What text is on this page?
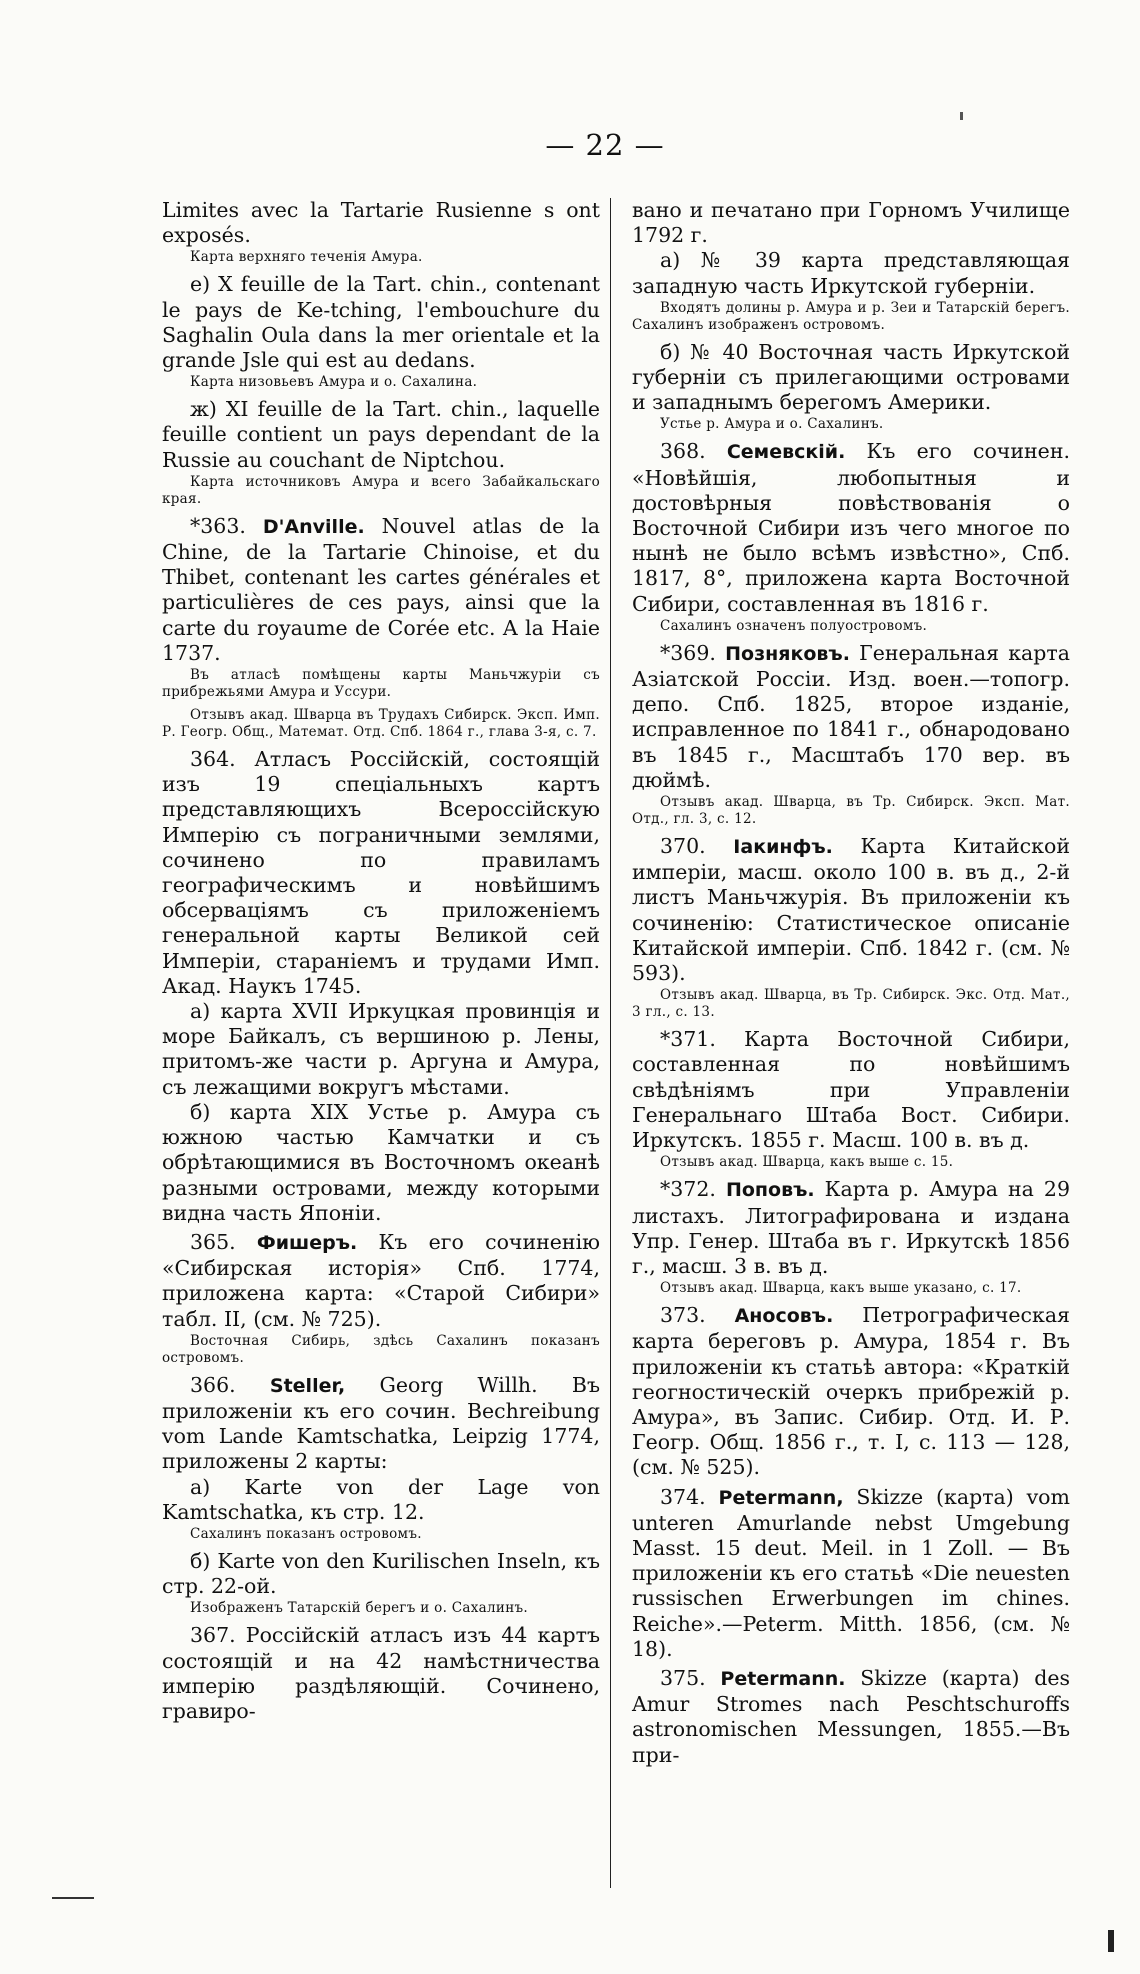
— 22 —

Limites avec la Tartarie Rusienne s ont exposés.

Карта верхняго теченія Амура.

e) X feuille de la Tart. chin., contenant le pays de Ke-tching, l'embouchure du Saghalin Oula dans la mer orientale et la grande Jsle qui est au dedans.

Карта низовьевъ Амура и о. Сахалина.

ж) XI feuille de la Tart. chin., laquelle feuille contient un pays dependant de la Russie au couchant de Niptchou.

Карта источниковъ Амура и всего Забайкальскаго края.

*363. D'Anville. Nouvel atlas de la Chine, de la Tartarie Chinoise, et du Thibet, contenant les cartes générales et particulières de ces pays, ainsi que la carte du royaume de Corée etc. A la Haie 1737.

Въ атласѣ помѣщены карты Маньчжуріи съ прибрежьями Амура и Уссури.

Отзывъ акад. Шварца въ Трудахъ Сибирск. Эксп. Имп. Р. Геогр. Общ., Математ. Отд. Спб. 1864 г., глава 3-я, с. 7.

364. Атласъ Россійскій, состоящій изъ 19 спеціальныхъ картъ представляющихъ Всероссійскую Имперію съ пограничными землями, сочинено по правиламъ географическимъ и новѣйшимъ обсерваціямъ съ приложеніемъ генеральной карты Великой сей Имперіи, стараніемъ и трудами Имп. Акад. Наукъ 1745.

а) карта XVII Иркуцкая провинція и море Байкалъ, съ вершиною р. Лены, притомъ-же части р. Аргуна и Амура, съ лежащими вокругъ мѣстами.

б) карта XIX Устье р. Амура съ южною частью Камчатки и съ обрѣтающимися въ Восточномъ океанѣ разными островами, между которыми видна часть Японіи.

365. Фишеръ. Къ его сочиненію «Сибирская исторія» Спб. 1774, приложена карта: «Старой Сибири» табл. II, (см. № 725).

Восточная Сибирь, здѣсь Сахалинъ показанъ островомъ.

366. Steller, Georg Willh. Въ приложеніи къ его сочин. Bechreibung vom Lande Kamtschatka, Leipzig 1774, приложены 2 карты:

а) Karte von der Lage von Kamtschatka, къ стр. 12.

Сахалинъ показанъ островомъ.

б) Karte von den Kurilischen Inseln, къ стр. 22-ой.

Изображенъ Татарскій берегъ и о. Сахалинъ.

367. Россійскій атласъ изъ 44 картъ состоящій и на 42 намѣстничества имперію раздѣляющій. Сочинено, гравиро-

вано и печатано при Горномъ Училище 1792 г.

а) № 39 карта представляющая западную часть Иркутской губерніи.

Входятъ долины р. Амура и р. Зеи и Татарскій берегъ. Сахалинъ изображенъ островомъ.

б) № 40 Восточная часть Иркутской губерніи съ прилегающими островами и западнымъ берегомъ Америки.

Устье р. Амура и о. Сахалинъ.

368. Семевскій. Къ его сочинен. «Новѣйшія, любопытныя и достовѣрныя повѣствованія о Восточной Сибири изъ чего многое по нынѣ не было всѣмъ извѣстно», Спб. 1817, 8°, приложена карта Восточной Сибири, составленная въ 1816 г.

Сахалинъ означенъ полуостровомъ.

*369. Позняковъ. Генеральная карта Азіатской Россіи. Изд. воен.—топогр. депо. Спб. 1825, второе изданіе, исправленное по 1841 г., обнародовано въ 1845 г., Масштабъ 170 вер. въ дюймѣ.

Отзывъ акад. Шварца, въ Тр. Сибирск. Эксп. Мат. Отд., гл. 3, с. 12.

370. Іакинфъ. Карта Китайской имперіи, масш. около 100 в. въ д., 2-й листъ Маньчжурія. Въ приложеніи къ сочиненію: Статистическое описаніе Китайской имперіи. Спб. 1842 г. (см. № 593).

Отзывъ акад. Шварца, въ Тр. Сибирск. Экс. Отд. Мат., 3 гл., с. 13.

*371. Карта Восточной Сибири, составленная по новѣйшимъ свѣдѣніямъ при Управленіи Генеральнаго Штаба Вост. Сибири. Иркутскъ. 1855 г. Масш. 100 в. въ д.

Отзывъ акад. Шварца, какъ выше с. 15.

*372. Поповъ. Карта р. Амура на 29 листахъ. Литографирована и издана Упр. Генер. Штаба въ г. Иркутскѣ 1856 г., масш. 3 в. въ д.

Отзывъ акад. Шварца, какъ выше указано, с. 17.

373. Аносовъ. Петрографическая карта береговъ р. Амура, 1854 г. Въ приложеніи къ статьѣ автора: «Краткій геогностическій очеркъ прибрежій р. Амура», въ Запис. Сибир. Отд. И. Р. Геогр. Общ. 1856 г., т. I, с. 113 — 128, (см. № 525).

374. Petermann, Skizze (карта) vom unteren Amurlande nebst Umgebung Masst. 15 deut. Meil. in 1 Zoll. — Въ приложеніи къ его статьѣ «Die neuesten russischen Erwerbungen im chines. Reiche».—Peterm. Mitth. 1856, (см. № 18).

375. Petermann. Skizze (карта) des Amur Stromes nach Peschtschuroffs astronomischen Messungen, 1855.—Въ при-
